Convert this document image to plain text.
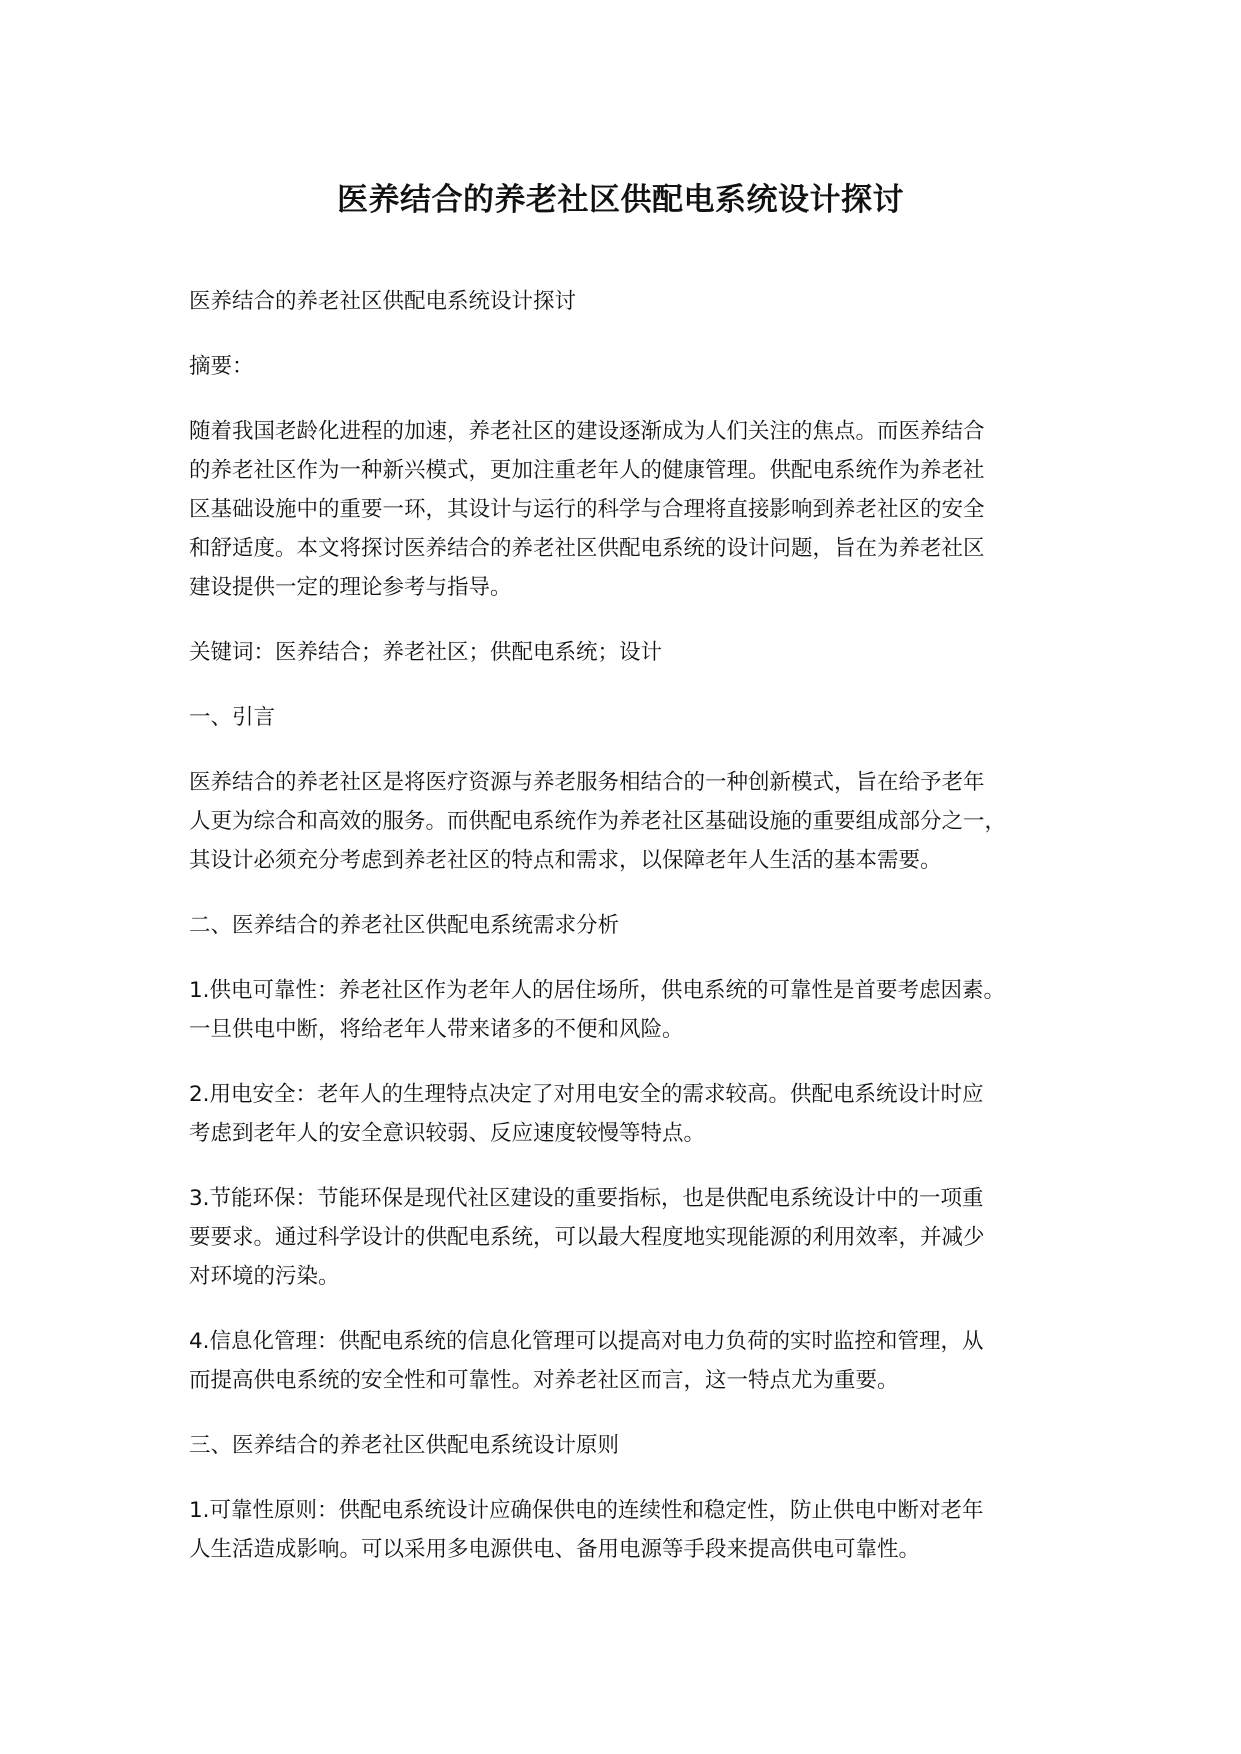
医养结合的养老社区供配电系统设计探讨

医养结合的养老社区供配电系统设计探讨

摘要：

随着我国老龄化进程的加速，养老社区的建设逐渐成为人们关注的焦点。而医养结合
的养老社区作为一种新兴模式，更加注重老年人的健康管理。供配电系统作为养老社
区基础设施中的重要一环，其设计与运行的科学与合理将直接影响到养老社区的安全
和舒适度。本文将探讨医养结合的养老社区供配电系统的设计问题，旨在为养老社区
建设提供一定的理论参考与指导。

关键词：医养结合；养老社区；供配电系统；设计

一、引言

医养结合的养老社区是将医疗资源与养老服务相结合的一种创新模式，旨在给予老年
人更为综合和高效的服务。而供配电系统作为养老社区基础设施的重要组成部分之一，
其设计必须充分考虑到养老社区的特点和需求，以保障老年人生活的基本需要。

二、医养结合的养老社区供配电系统需求分析

1.供电可靠性：养老社区作为老年人的居住场所，供电系统的可靠性是首要考虑因素。
一旦供电中断，将给老年人带来诸多的不便和风险。

2.用电安全：老年人的生理特点决定了对用电安全的需求较高。供配电系统设计时应
考虑到老年人的安全意识较弱、反应速度较慢等特点。

3.节能环保：节能环保是现代社区建设的重要指标，也是供配电系统设计中的一项重
要要求。通过科学设计的供配电系统，可以最大程度地实现能源的利用效率，并减少
对环境的污染。

4.信息化管理：供配电系统的信息化管理可以提高对电力负荷的实时监控和管理，从
而提高供电系统的安全性和可靠性。对养老社区而言，这一特点尤为重要。

三、医养结合的养老社区供配电系统设计原则

1.可靠性原则：供配电系统设计应确保供电的连续性和稳定性，防止供电中断对老年
人生活造成影响。可以采用多电源供电、备用电源等手段来提高供电可靠性。
